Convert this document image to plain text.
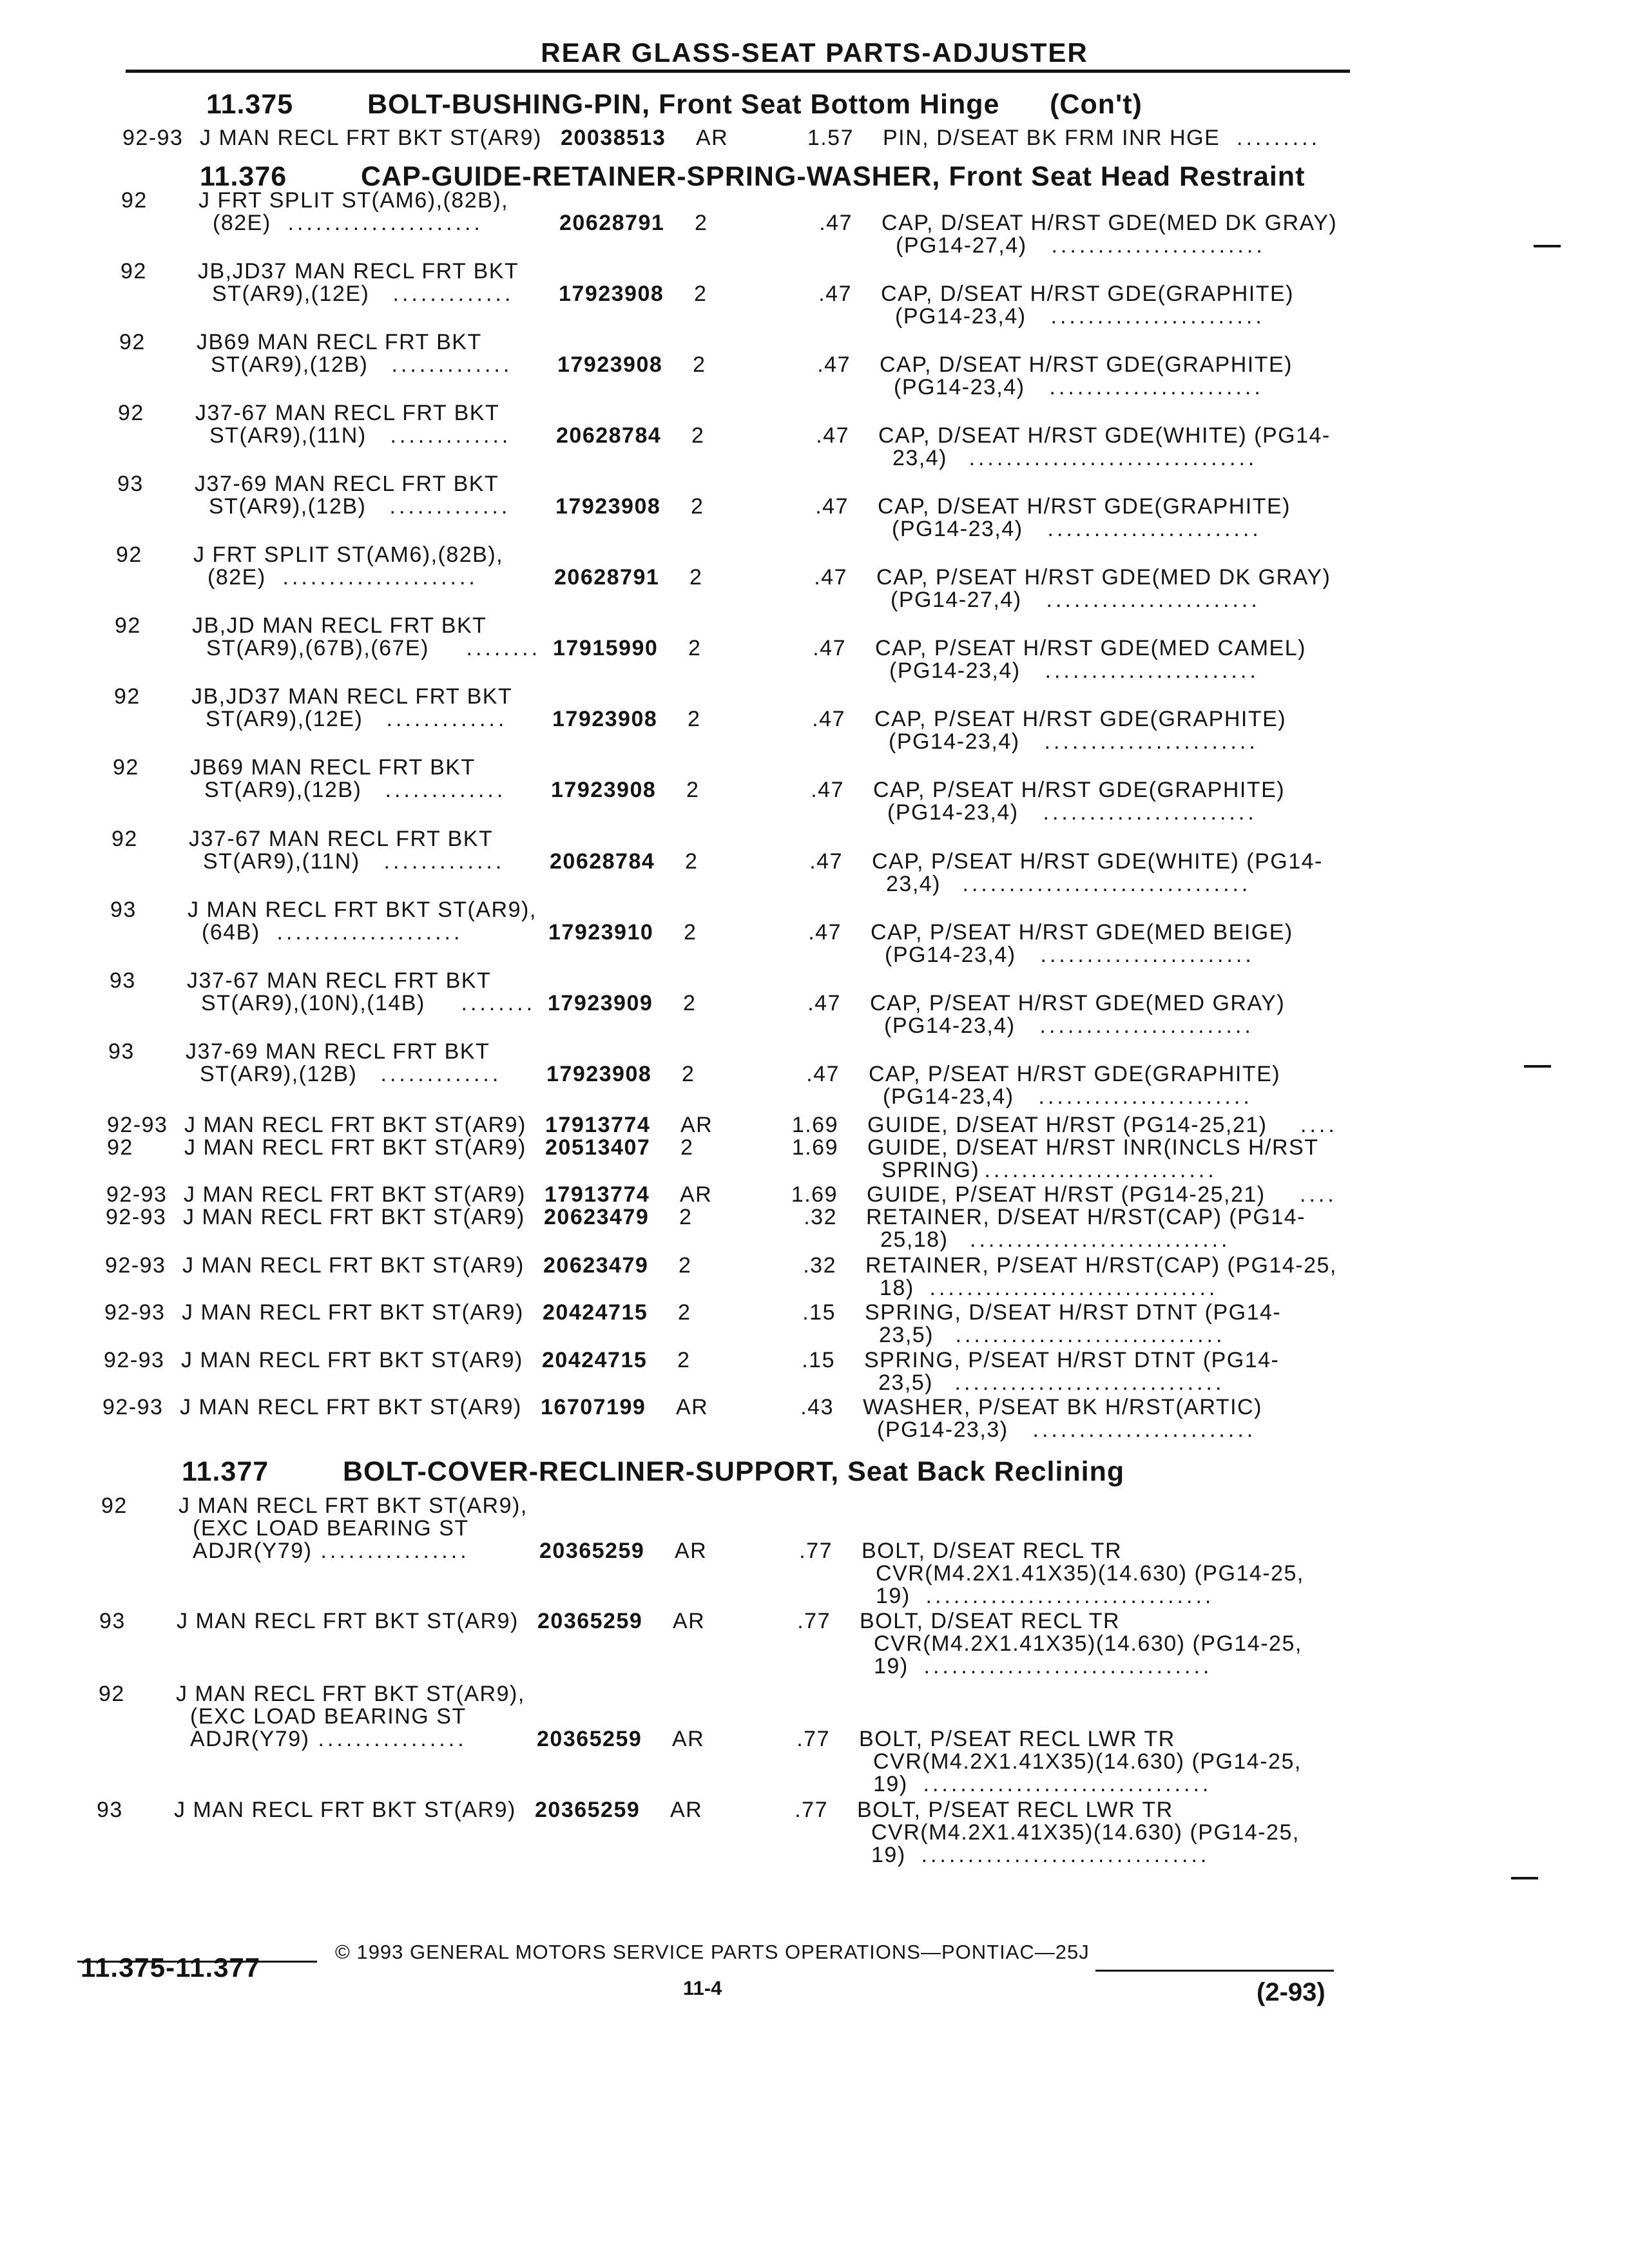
REAR GLASS-SEAT PARTS-ADJUSTER
11.375	BOLT-BUSHING-PIN, Front Seat Bottom Hinge (Con't)
92-93 J MAN RECL FRT BKT ST(AR9) 20038513 AR	1.57 PIN, D/SEAT BK FRM INR HGE .........
11.376	CAP-GUIDE-RETAINER-SPRING-WASHER, Front Seat Head Restraint
92 J FRT SPLIT ST(AM6),(82B),
(82E) .....................	20628791 2	.47 CAP, D/SEAT H/RST GDE(MED DK GRAY)
(PG14-27,4) .......................
92 JB,JD37 MAN RECL FRT BKT
ST(AR9),(12E) ............. 17923908 2	.47 CAP, D/SEAT H/RST GDE(GRAPHITE)
(PG14-23,4) .......................
92 JB69 MAN RECL FRT BKT
ST(AR9),(12B) ............. 17923908 2	.47 CAP, D/SEAT H/RST GDE(GRAPHITE)
(PG14-23,4) .......................
92 J37-67 MAN RECL FRT BKT
ST(AR9),(11N) ............. 20628784 2	.47 CAP, D/SEAT H/RST GDE(WHITE) (PG14-
23,4) ...............................
93 J37-69 MAN RECL FRT BKT
ST(AR9),(12B) ............. 17923908 2	.47 CAP, D/SEAT H/RST GDE(GRAPHITE)
(PG14-23,4) .......................
92 J FRT SPLIT ST(AM6),(82B),
(82E) .....................	20628791 2	.47 CAP, P/SEAT H/RST GDE(MED DK GRAY)
(PG14-27,4) .......................
92 JB,JD MAN RECL FRT BKT
ST(AR9),(67B),(67E) ........ 17915990 2	.47 CAP, P/SEAT H/RST GDE(MED CAMEL)
(PG14-23,4) .......................
92 JB,JD37 MAN RECL FRT BKT
ST(AR9),(12E) ............. 17923908 2	.47 CAP, P/SEAT H/RST GDE(GRAPHITE)
(PG14-23,4) .......................
92 JB69 MAN RECL FRT BKT
ST(AR9),(12B) ............. 17923908 2	.47 CAP, P/SEAT H/RST GDE(GRAPHITE)
(PG14-23,4) .......................
92 J37-67 MAN RECL FRT BKT
ST(AR9),(11N) ............. 20628784 2	.47 CAP, P/SEAT H/RST GDE(WHITE) (PG14-
23,4) ...............................
93 J MAN RECL FRT BKT ST(AR9),
(64B) ....................	17923910 2	.47 CAP, P/SEAT H/RST GDE(MED BEIGE)
(PG14-23,4) .......................
93 J37-67 MAN RECL FRT BKT
ST(AR9),(10N),(14B) ........ 17923909 2	.47 CAP, P/SEAT H/RST GDE(MED GRAY)
(PG14-23,4) .......................
93 J37-69 MAN RECL FRT BKT
ST(AR9),(12B) ............. 17923908 2	.47 CAP, P/SEAT H/RST GDE(GRAPHITE)
(PG14-23,4) .......................
92-93 J MAN RECL FRT BKT ST(AR9) 17913774 AR	1.69 GUIDE, D/SEAT H/RST (PG14-25,21) ....
92 J MAN RECL FRT BKT ST(AR9) 20513407 2	1.69 GUIDE, D/SEAT H/RST INR(INCLS H/RST
SPRING) .........................
92-93 J MAN RECL FRT BKT ST(AR9) 17913774 AR	1.69 GUIDE, P/SEAT H/RST (PG14-25,21) ....
92-93 J MAN RECL FRT BKT ST(AR9) 20623479 2	.32 RETAINER, D/SEAT H/RST(CAP) (PG14-
25,18) ............................
92-93 J MAN RECL FRT BKT ST(AR9) 20623479 2	.32 RETAINER, P/SEAT H/RST(CAP) (PG14-25,
18) ...............................
92-93 J MAN RECL FRT BKT ST(AR9) 20424715 2	.15 SPRING, D/SEAT H/RST DTNT (PG14-
23,5) .............................
92-93 J MAN RECL FRT BKT ST(AR9) 20424715 2	.15 SPRING, P/SEAT H/RST DTNT (PG14-
23,5) .............................
92-93 J MAN RECL FRT BKT ST(AR9) 16707199 AR	.43 WASHER, P/SEAT BK H/RST(ARTIC)
(PG14-23,3) ........................
11.377	BOLT-COVER-RECLINER-SUPPORT, Seat Back Reclining
92 J MAN RECL FRT BKT ST(AR9),
(EXC LOAD BEARING ST
ADJR(Y79) ................	20365259 AR	.77 BOLT, D/SEAT RECL TR
CVR(M4.2X1.41X35)(14.630) (PG14-25,
19) ...............................
93 J MAN RECL FRT BKT ST(AR9) 20365259 AR	.77 BOLT, D/SEAT RECL TR
CVR(M4.2X1.41X35)(14.630) (PG14-25,
19) ...............................
92 J MAN RECL FRT BKT ST(AR9),
(EXC LOAD BEARING ST
ADJR(Y79) ................	20365259 AR	.77 BOLT, P/SEAT RECL LWR TR
CVR(M4.2X1.41X35)(14.630) (PG14-25,
19) ...............................
93 J MAN RECL FRT BKT ST(AR9) 20365259 AR	.77 BOLT, P/SEAT RECL LWR TR
CVR(M4.2X1.41X35)(14.630) (PG14-25,
19) ...............................
11.375-11.377
© 1993 GENERAL MOTORS SERVICE PARTS OPERATIONS—PONTIAC—25J
11-4	(2-93)
